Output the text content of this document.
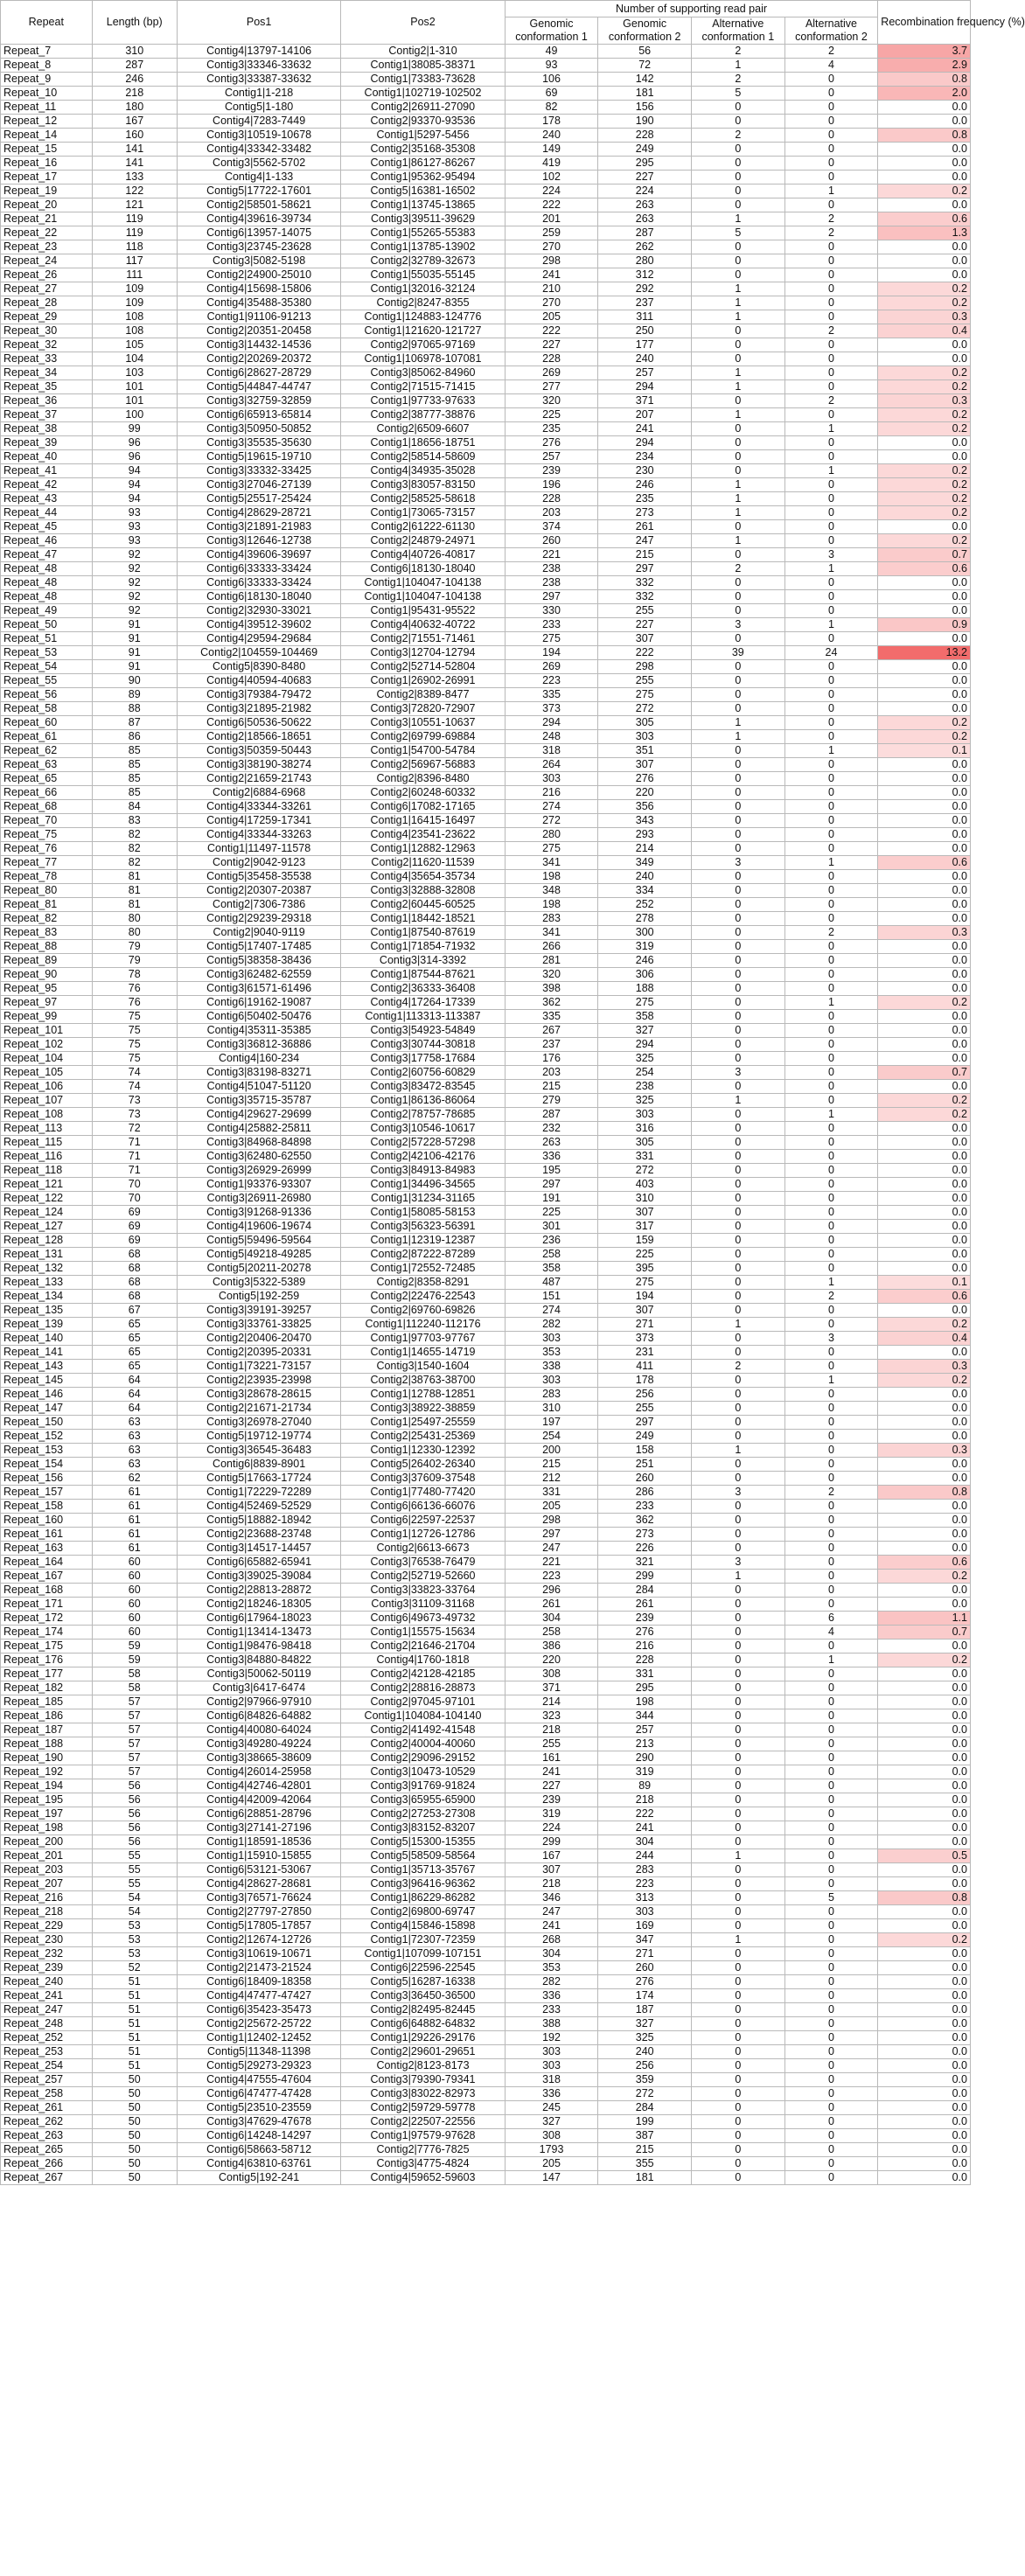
Repeat	Length (bp)	Pos1	Pos2	Number of supporting read pair				Recombination frequency (%)
				Genomic conformation 1	Genomic conformation 2	Alternative conformation 1	Alternative conformation 2	
Repeat_7	310	Contig4|13797-14106	Contig2|1-310	49	56	2	2	3.7
Repeat_8	287	Contig3|33346-33632	Contig1|38085-38371	93	72	1	4	2.9
Repeat_9	246	Contig3|33387-33632	Contig1|73383-73628	106	142	2	0	0.8
Repeat_10	218	Contig1|1-218	Contig1|102719-102502	69	181	5	0	2.0
Repeat_11	180	Contig5|1-180	Contig2|26911-27090	82	156	0	0	0.0
Repeat_12	167	Contig4|7283-7449	Contig2|93370-93536	178	190	0	0	0.0
Repeat_14	160	Contig3|10519-10678	Contig1|5297-5456	240	228	2	0	0.8
Repeat_15	141	Contig4|33342-33482	Contig2|35168-35308	149	249	0	0	0.0
Repeat_16	141	Contig3|5562-5702	Contig1|86127-86267	419	295	0	0	0.0
Repeat_17	133	Contig4|1-133	Contig1|95362-95494	102	227	0	0	0.0
Repeat_19	122	Contig5|17722-17601	Contig5|16381-16502	224	224	0	1	0.2
Repeat_20	121	Contig2|58501-58621	Contig1|13745-13865	222	263	0	0	0.0
Repeat_21	119	Contig4|39616-39734	Contig3|39511-39629	201	263	1	2	0.6
Repeat_22	119	Contig6|13957-14075	Contig1|55265-55383	259	287	5	2	1.3
Repeat_23	118	Contig3|23745-23628	Contig1|13785-13902	270	262	0	0	0.0
Repeat_24	117	Contig3|5082-5198	Contig2|32789-32673	298	280	0	0	0.0
Repeat_26	111	Contig2|24900-25010	Contig1|55035-55145	241	312	0	0	0.0
Repeat_27	109	Contig4|15698-15806	Contig1|32016-32124	210	292	1	0	0.2
Repeat_28	109	Contig4|35488-35380	Contig2|8247-8355	270	237	1	0	0.2
Repeat_29	108	Contig1|91106-91213	Contig1|124883-124776	205	311	1	0	0.3
Repeat_30	108	Contig2|20351-20458	Contig1|121620-121727	222	250	0	2	0.4
Repeat_32	105	Contig3|14432-14536	Contig2|97065-97169	227	177	0	0	0.0
Repeat_33	104	Contig2|20269-20372	Contig1|106978-107081	228	240	0	0	0.0
Repeat_34	103	Contig6|28627-28729	Contig3|85062-84960	269	257	1	0	0.2
Repeat_35	101	Contig5|44847-44747	Contig2|71515-71415	277	294	1	0	0.2
Repeat_36	101	Contig3|32759-32859	Contig1|97733-97633	320	371	0	2	0.3
Repeat_37	100	Contig6|65913-65814	Contig2|38777-38876	225	207	1	0	0.2
Repeat_38	99	Contig3|50950-50852	Contig2|6509-6607	235	241	0	1	0.2
Repeat_39	96	Contig3|35535-35630	Contig1|18656-18751	276	294	0	0	0.0
Repeat_40	96	Contig5|19615-19710	Contig2|58514-58609	257	234	0	0	0.0
Repeat_41	94	Contig3|33332-33425	Contig4|34935-35028	239	230	0	1	0.2
Repeat_42	94	Contig3|27046-27139	Contig3|83057-83150	196	246	1	0	0.2
Repeat_43	94	Contig5|25517-25424	Contig2|58525-58618	228	235	1	0	0.2
Repeat_44	93	Contig4|28629-28721	Contig1|73065-73157	203	273	1	0	0.2
Repeat_45	93	Contig3|21891-21983	Contig2|61222-61130	374	261	0	0	0.0
Repeat_46	93	Contig3|12646-12738	Contig2|24879-24971	260	247	1	0	0.2
Repeat_47	92	Contig4|39606-39697	Contig4|40726-40817	221	215	0	3	0.7
Repeat_48	92	Contig6|33333-33424	Contig6|18130-18040	238	297	2	1	0.6
Repeat_48	92	Contig6|33333-33424	Contig1|104047-104138	238	332	0	0	0.0
Repeat_48	92	Contig6|18130-18040	Contig1|104047-104138	297	332	0	0	0.0
Repeat_49	92	Contig2|32930-33021	Contig1|95431-95522	330	255	0	0	0.0
Repeat_50	91	Contig4|39512-39602	Contig4|40632-40722	233	227	3	1	0.9
Repeat_51	91	Contig4|29594-29684	Contig2|71551-71461	275	307	0	0	0.0
Repeat_53	91	Contig2|104559-104469	Contig3|12704-12794	194	222	39	24	13.2
Repeat_54	91	Contig5|8390-8480	Contig2|52714-52804	269	298	0	0	0.0
Repeat_55	90	Contig4|40594-40683	Contig1|26902-26991	223	255	0	0	0.0
Repeat_56	89	Contig3|79384-79472	Contig2|8389-8477	335	275	0	0	0.0
Repeat_58	88	Contig3|21895-21982	Contig3|72820-72907	373	272	0	0	0.0
Repeat_60	87	Contig6|50536-50622	Contig3|10551-10637	294	305	1	0	0.2
Repeat_61	86	Contig2|18566-18651	Contig2|69799-69884	248	303	1	0	0.2
Repeat_62	85	Contig3|50359-50443	Contig1|54700-54784	318	351	0	1	0.1
Repeat_63	85	Contig3|38190-38274	Contig2|56967-56883	264	307	0	0	0.0
Repeat_65	85	Contig2|21659-21743	Contig2|8396-8480	303	276	0	0	0.0
Repeat_66	85	Contig2|6884-6968	Contig2|60248-60332	216	220	0	0	0.0
Repeat_68	84	Contig4|33344-33261	Contig6|17082-17165	274	356	0	0	0.0
Repeat_70	83	Contig4|17259-17341	Contig1|16415-16497	272	343	0	0	0.0
Repeat_75	82	Contig4|33344-33263	Contig4|23541-23622	280	293	0	0	0.0
Repeat_76	82	Contig1|11497-11578	Contig1|12882-12963	275	214	0	0	0.0
Repeat_77	82	Contig2|9042-9123	Contig2|11620-11539	341	349	3	1	0.6
Repeat_78	81	Contig5|35458-35538	Contig4|35654-35734	198	240	0	0	0.0
Repeat_80	81	Contig2|20307-20387	Contig3|32888-32808	348	334	0	0	0.0
Repeat_81	81	Contig2|7306-7386	Contig2|60445-60525	198	252	0	0	0.0
Repeat_82	80	Contig2|29239-29318	Contig1|18442-18521	283	278	0	0	0.0
Repeat_83	80	Contig2|9040-9119	Contig1|87540-87619	341	300	0	2	0.3
Repeat_88	79	Contig5|17407-17485	Contig1|71854-71932	266	319	0	0	0.0
Repeat_89	79	Contig5|38358-38436	Contig3|314-3392	281	246	0	0	0.0
Repeat_90	78	Contig3|62482-62559	Contig1|87544-87621	320	306	0	0	0.0
Repeat_95	76	Contig3|61571-61496	Contig2|36333-36408	398	188	0	0	0.0
Repeat_97	76	Contig6|19162-19087	Contig4|17264-17339	362	275	0	1	0.2
Repeat_99	75	Contig6|50402-50476	Contig1|113313-113387	335	358	0	0	0.0
Repeat_101	75	Contig4|35311-35385	Contig3|54923-54849	267	327	0	0	0.0
Repeat_102	75	Contig3|36812-36886	Contig3|30744-30818	237	294	0	0	0.0
Repeat_104	75	Contig4|160-234	Contig3|17758-17684	176	325	0	0	0.0
Repeat_105	74	Contig3|83198-83271	Contig2|60756-60829	203	254	3	0	0.7
Repeat_106	74	Contig4|51047-51120	Contig3|83472-83545	215	238	0	0	0.0
Repeat_107	73	Contig3|35715-35787	Contig1|86136-86064	279	325	1	0	0.2
Repeat_108	73	Contig4|29627-29699	Contig2|78757-78685	287	303	0	1	0.2
Repeat_113	72	Contig4|25882-25811	Contig3|10546-10617	232	316	0	0	0.0
Repeat_115	71	Contig3|84968-84898	Contig2|57228-57298	263	305	0	0	0.0
Repeat_116	71	Contig3|62480-62550	Contig2|42106-42176	336	331	0	0	0.0
Repeat_118	71	Contig3|26929-26999	Contig3|84913-84983	195	272	0	0	0.0
Repeat_121	70	Contig1|93376-93307	Contig1|34496-34565	297	403	0	0	0.0
Repeat_122	70	Contig3|26911-26980	Contig1|31234-31165	191	310	0	0	0.0
Repeat_124	69	Contig3|91268-91336	Contig1|58085-58153	225	307	0	0	0.0
Repeat_127	69	Contig4|19606-19674	Contig3|56323-56391	301	317	0	0	0.0
Repeat_128	69	Contig5|59496-59564	Contig1|12319-12387	236	159	0	0	0.0
Repeat_131	68	Contig5|49218-49285	Contig2|87222-87289	258	225	0	0	0.0
Repeat_132	68	Contig5|20211-20278	Contig1|72552-72485	358	395	0	0	0.0
Repeat_133	68	Contig3|5322-5389	Contig2|8358-8291	487	275	0	1	0.1
Repeat_134	68	Contig5|192-259	Contig2|22476-22543	151	194	0	2	0.6
Repeat_135	67	Contig3|39191-39257	Contig2|69760-69826	274	307	0	0	0.0
Repeat_139	65	Contig3|33761-33825	Contig1|112240-112176	282	271	1	0	0.2
Repeat_140	65	Contig2|20406-20470	Contig1|97703-97767	303	373	0	3	0.4
Repeat_141	65	Contig2|20395-20331	Contig1|14655-14719	353	231	0	0	0.0
Repeat_143	65	Contig1|73221-73157	Contig3|1540-1604	338	411	2	0	0.3
Repeat_145	64	Contig2|23935-23998	Contig2|38763-38700	303	178	0	1	0.2
Repeat_146	64	Contig3|28678-28615	Contig1|12788-12851	283	256	0	0	0.0
Repeat_147	64	Contig2|21671-21734	Contig3|38922-38859	310	255	0	0	0.0
Repeat_150	63	Contig3|26978-27040	Contig1|25497-25559	197	297	0	0	0.0
Repeat_152	63	Contig5|19712-19774	Contig2|25431-25369	254	249	0	0	0.0
Repeat_153	63	Contig3|36545-36483	Contig1|12330-12392	200	158	1	0	0.3
Repeat_154	63	Contig6|8839-8901	Contig5|26402-26340	215	251	0	0	0.0
Repeat_156	62	Contig5|17663-17724	Contig3|37609-37548	212	260	0	0	0.0
Repeat_157	61	Contig1|72229-72289	Contig1|77480-77420	331	286	3	2	0.8
Repeat_158	61	Contig4|52469-52529	Contig6|66136-66076	205	233	0	0	0.0
Repeat_160	61	Contig5|18882-18942	Contig6|22597-22537	298	362	0	0	0.0
Repeat_161	61	Contig2|23688-23748	Contig1|12726-12786	297	273	0	0	0.0
Repeat_163	61	Contig3|14517-14457	Contig2|6613-6673	247	226	0	0	0.0
Repeat_164	60	Contig6|65882-65941	Contig3|76538-76479	221	321	3	0	0.6
Repeat_167	60	Contig3|39025-39084	Contig2|52719-52660	223	299	1	0	0.2
Repeat_168	60	Contig2|28813-28872	Contig3|33823-33764	296	284	0	0	0.0
Repeat_171	60	Contig2|18246-18305	Contig3|31109-31168	261	261	0	0	0.0
Repeat_172	60	Contig6|17964-18023	Contig6|49673-49732	304	239	0	6	1.1
Repeat_174	60	Contig1|13414-13473	Contig1|15575-15634	258	276	0	4	0.7
Repeat_175	59	Contig1|98476-98418	Contig2|21646-21704	386	216	0	0	0.0
Repeat_176	59	Contig3|84880-84822	Contig4|1760-1818	220	228	0	1	0.2
Repeat_177	58	Contig3|50062-50119	Contig2|42128-42185	308	331	0	0	0.0
Repeat_182	58	Contig3|6417-6474	Contig2|28816-28873	371	295	0	0	0.0
Repeat_185	57	Contig2|97966-97910	Contig2|97045-97101	214	198	0	0	0.0
Repeat_186	57	Contig6|84826-64882	Contig1|104084-104140	323	344	0	0	0.0
Repeat_187	57	Contig4|40080-64024	Contig2|41492-41548	218	257	0	0	0.0
Repeat_188	57	Contig3|49280-49224	Contig2|40004-40060	255	213	0	0	0.0
Repeat_190	57	Contig3|38665-38609	Contig2|29096-29152	161	290	0	0	0.0
Repeat_192	57	Contig4|26014-25958	Contig3|10473-10529	241	319	0	0	0.0
Repeat_194	56	Contig4|42746-42801	Contig3|91769-91824	227	89	0	0	0.0
Repeat_195	56	Contig4|42009-42064	Contig3|65955-65900	239	218	0	0	0.0
Repeat_197	56	Contig6|28851-28796	Contig2|27253-27308	319	222	0	0	0.0
Repeat_198	56	Contig3|27141-27196	Contig3|83152-83207	224	241	0	0	0.0
Repeat_200	56	Contig1|18591-18536	Contig5|15300-15355	299	304	0	0	0.0
Repeat_201	55	Contig1|15910-15855	Contig5|58509-58564	167	244	1	0	0.5
Repeat_203	55	Contig6|53121-53067	Contig1|35713-35767	307	283	0	0	0.0
Repeat_207	55	Contig4|28627-28681	Contig3|96416-96362	218	223	0	0	0.0
Repeat_216	54	Contig3|76571-76624	Contig1|86229-86282	346	313	0	5	0.8
Repeat_218	54	Contig2|27797-27850	Contig2|69800-69747	247	303	0	0	0.0
Repeat_229	53	Contig5|17805-17857	Contig4|15846-15898	241	169	0	0	0.0
Repeat_230	53	Contig2|12674-12726	Contig1|72307-72359	268	347	1	0	0.2
Repeat_232	53	Contig3|10619-10671	Contig1|107099-107151	304	271	0	0	0.0
Repeat_239	52	Contig2|21473-21524	Contig6|22596-22545	353	260	0	0	0.0
Repeat_240	51	Contig6|18409-18358	Contig5|16287-16338	282	276	0	0	0.0
Repeat_241	51	Contig4|47477-47427	Contig3|36450-36500	336	174	0	0	0.0
Repeat_247	51	Contig6|35423-35473	Contig2|82495-82445	233	187	0	0	0.0
Repeat_248	51	Contig2|25672-25722	Contig6|64882-64832	388	327	0	0	0.0
Repeat_252	51	Contig1|12402-12452	Contig1|29226-29176	192	325	0	0	0.0
Repeat_253	51	Contig5|11348-11398	Contig2|29601-29651	303	240	0	0	0.0
Repeat_254	51	Contig5|29273-29323	Contig2|8123-8173	303	256	0	0	0.0
Repeat_257	50	Contig4|47555-47604	Contig3|79390-79341	318	359	0	0	0.0
Repeat_258	50	Contig6|47477-47428	Contig3|83022-82973	336	272	0	0	0.0
Repeat_261	50	Contig5|23510-23559	Contig2|59729-59778	245	284	0	0	0.0
Repeat_262	50	Contig3|47629-47678	Contig2|22507-22556	327	199	0	0	0.0
Repeat_263	50	Contig6|14248-14297	Contig1|97579-97628	308	387	0	0	0.0
Repeat_265	50	Contig6|58663-58712	Contig2|7776-7825	1793	215	0	0	0.0
Repeat_266	50	Contig4|63810-63761	Contig3|4775-4824	205	355	0	0	0.0
Repeat_267	50	Contig5|192-241	Contig4|59652-59603	147	181	0	0	0.0
